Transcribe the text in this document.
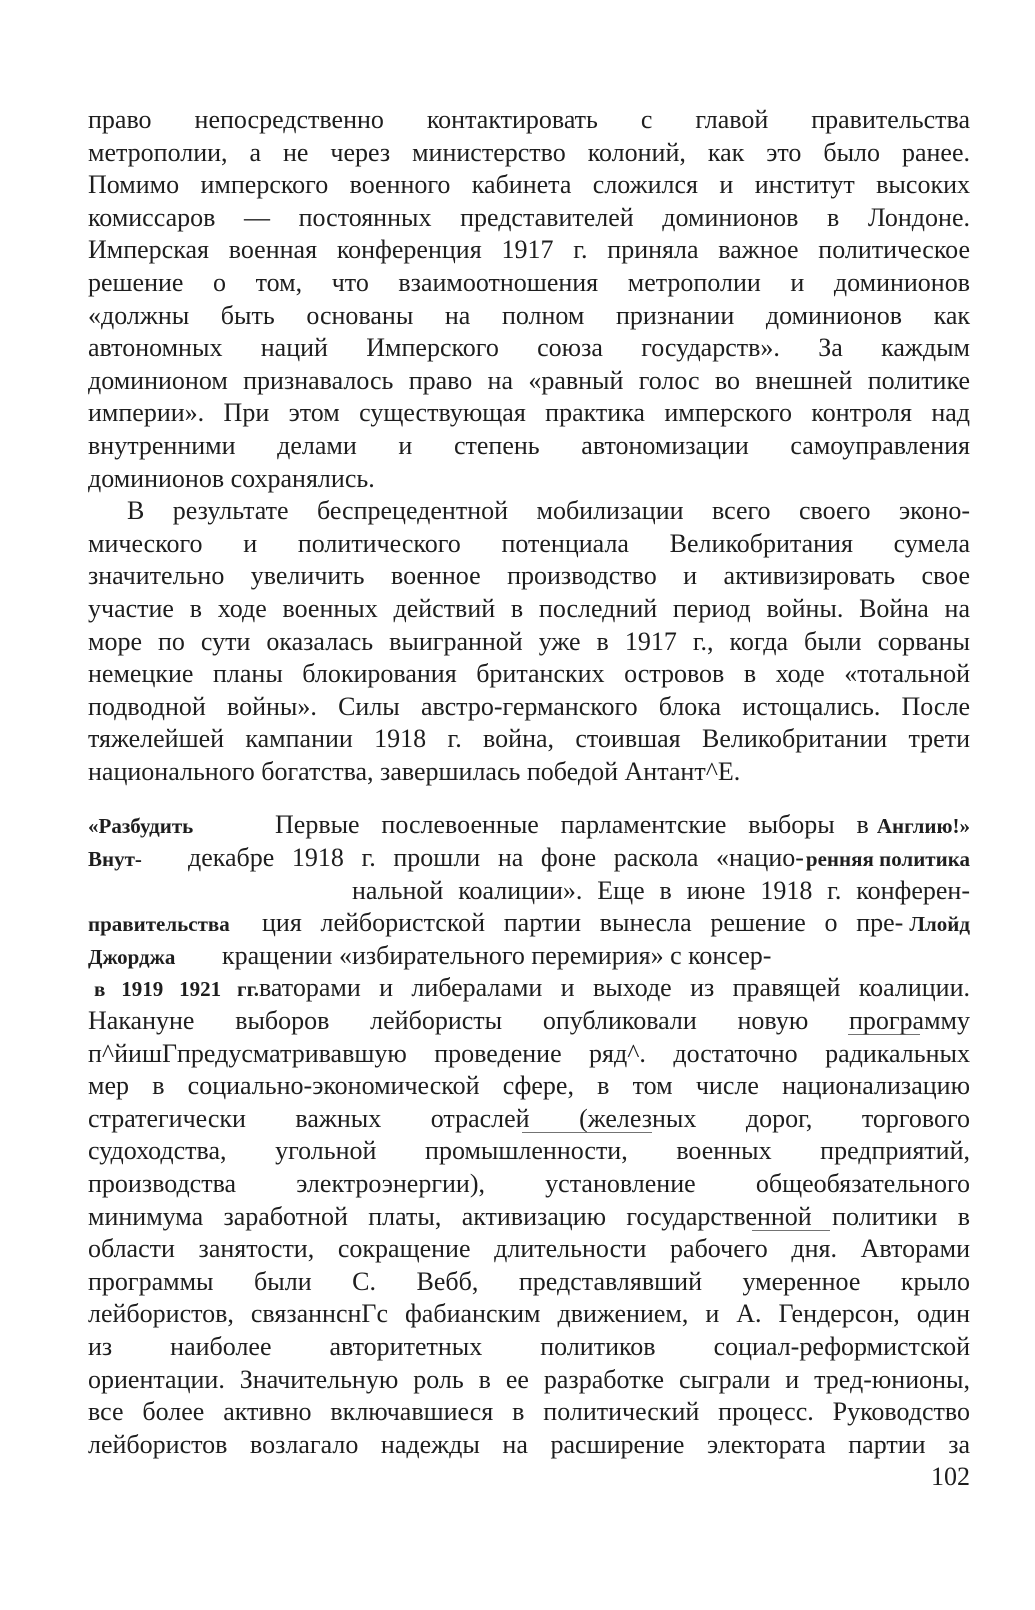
право непосредственно контактировать с главой правительства
метрополии, а не через министерство колоний, как это было ранее.
Помимо имперского военного кабинета сложился и институт высоких
комиссаров — постоянных представителей доминионов в Лондоне.
Имперская военная конференция 1917 г. приняла важное политическое
решение о том, что взаимоотношения метрополии и доминионов
«должны быть основаны на полном признании доминионов как
автономных наций Имперского союза государств». За каждым
доминионом признавалось право на «равный голос во внешней политике
империи». При этом существующая практика имперского контроля над
внутренними делами и степень автономизации самоуправления
доминионов сохранялись.
В результате беспрецедентной мобилизации всего своего эконо-
мического и политического потенциала Великобритания сумела
значительно увеличить военное производство и активизировать свое
участие в ходе военных действий в последний период войны. Война на
море по сути оказалась выигранной уже в 1917 г., когда были сорваны
немецкие планы блокирования британских островов в ходе «тотальной
подводной войны». Силы австро-германского блока истощались. После
тяжелейшей кампании 1918 г. война, стоившая Великобритании трети
национального богатства, завершилась победой Антант^Е.
«Разбудить	Первые послевоенные парламентские выборы в Англию!»
Внут-	декабре 1918 г. прошли на фоне раскола «нацио- ренняя политика
нальной коалиции». Еще в июне 1918 г. конферен-
правительства	ция лейбористской партии вынесла решение о пре- Ллойд
Джорджа	кращении «избирательного перемирия» с консер-
в 1919 1921 гг. ваторами и либералами и выходе из правящей коалиции.
Накануне выборов лейбористы опубликовали новую программу
п^йишГпредусматривавшую проведение ряд^. достаточно радикальных
мер в социально-экономической сфере, в том числе национализацию
стратегически важных отраслей (железных дорог, торгового
судоходства, угольной промышленности, военных предприятий,
производства электроэнергии), установление общеобязательного
минимума заработной платы, активизацию государственной политики в
области занятости, сокращение длительности рабочего дня. Авторами
программы были С. Вебб, представлявший умеренное крыло
лейбористов, связаннснГс фабианским движением, и А. Гендерсон, один
из наиболее авторитетных политиков социал-реформистской
ориентации. Значительную роль в ее разработке сыграли и тред-юнионы,
все более активно включавшиеся в политический процесс. Руководство
лейбористов возлагало надежды на расширение электората партии за
102
